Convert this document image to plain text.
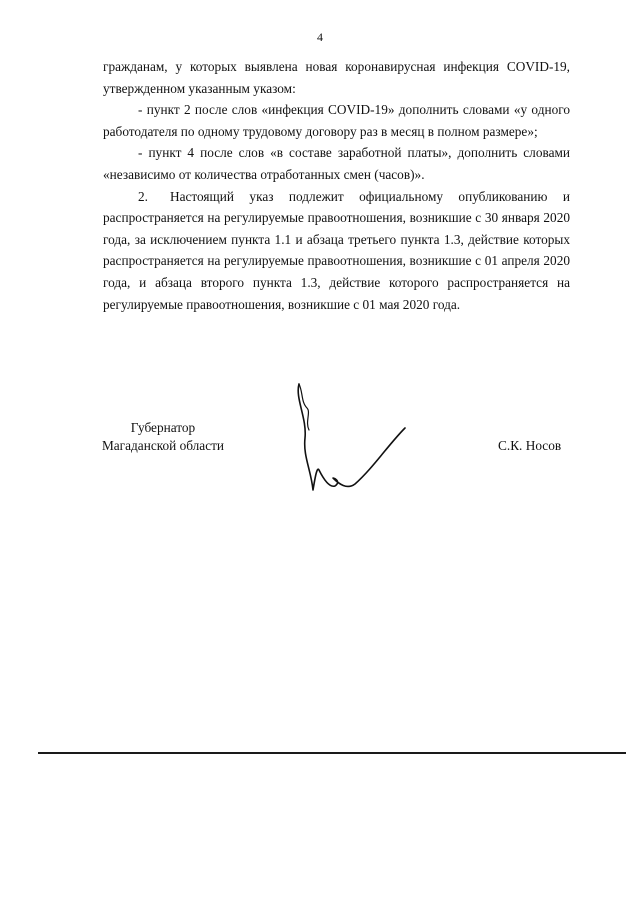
4

гражданам, у которых выявлена новая коронавирусная инфекция COVID-19, утвержденном указанным указом:

- пункт 2 после слов «инфекция COVID-19» дополнить словами «у одного работодателя по одному трудовому договору раз в месяц в полном размере»;

- пункт 4 после слов «в составе заработной платы», дополнить словами «независимо от количества отработанных смен (часов)».

2. Настоящий указ подлежит официальному опубликованию и распространяется на регулируемые правоотношения, возникшие с 30 января 2020 года, за исключением пункта 1.1 и абзаца третьего пункта 1.3, действие которых распространяется на регулируемые правоотношения, возникшие с 01 апреля 2020 года, и абзаца второго пункта 1.3, действие которого распространяется на регулируемые правоотношения, возникшие с 01 мая 2020 года.

Губернатор
Магаданской области	С.К. Носов
